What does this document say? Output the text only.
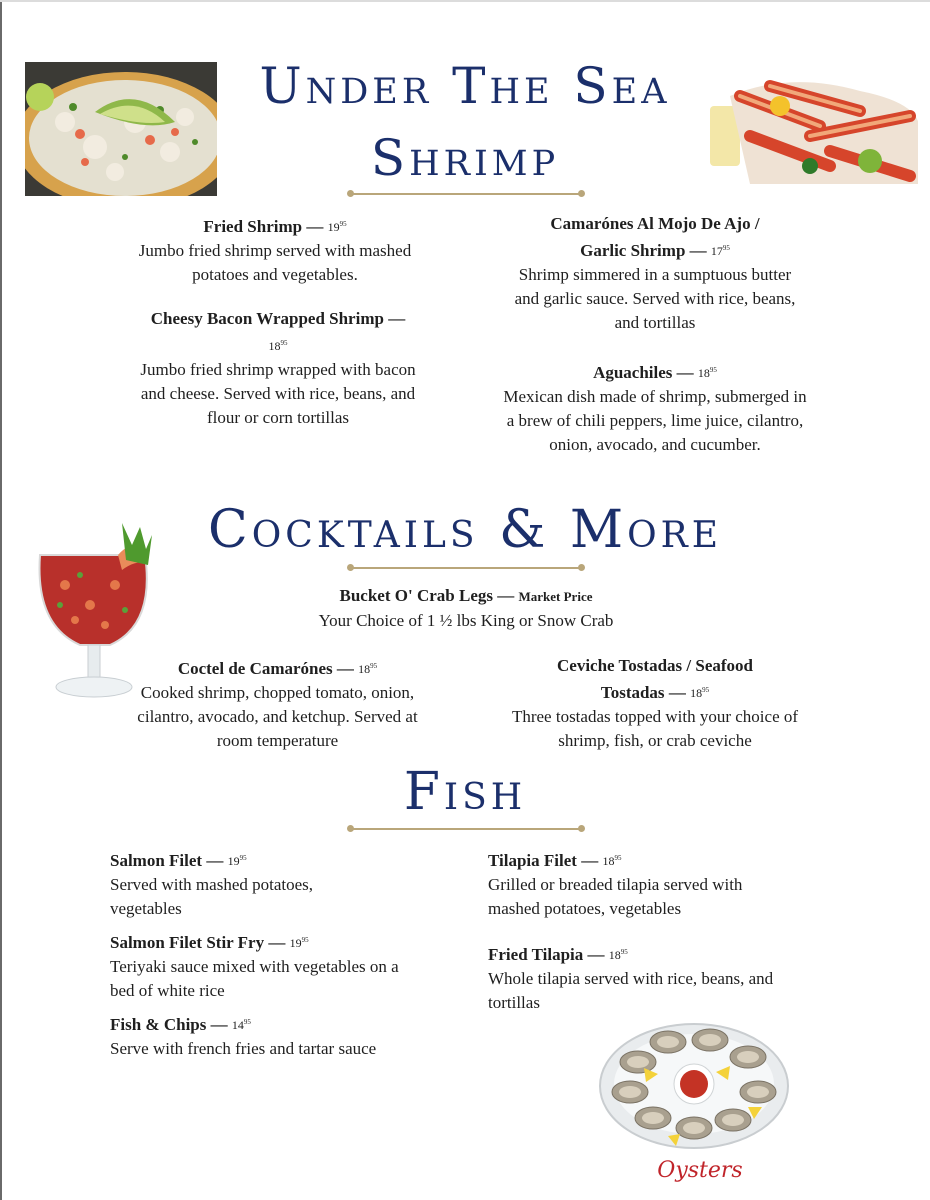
Under The Sea
Shrimp
Fried Shrimp — $19^{95}$
Jumbo fried shrimp served with mashed potatoes and vegetables.
Cheesy Bacon Wrapped Shrimp —
$18^{95}$
Jumbo fried shrimp wrapped with bacon and cheese. Served with rice, beans, and flour or corn tortillas
Camarónes Al Mojo De Ajo /
Garlic Shrimp — $17^{95}$
Shrimp simmered in a sumptuous butter and garlic sauce. Served with rice, beans, and tortillas
Aguachiles — $18^{95}$
Mexican dish made of shrimp, submerged in a brew of chili peppers, lime juice, cilantro, onion, avocado, and cucumber.
Cocktails & More
Bucket O' Crab Legs — Market Price
Your Choice of 1 ½ lbs King or Snow Crab
Coctel de Camarónes — $18^{95}$
Cooked shrimp, chopped tomato, onion, cilantro, avocado, and ketchup. Served at room temperature
Ceviche Tostadas / Seafood
Tostadas — $18^{95}$
Three tostadas topped with your choice of shrimp, fish, or crab ceviche
Fish
Salmon Filet — $19^{95}$
Served with mashed potatoes, vegetables
Salmon Filet Stir Fry — $19^{95}$
Teriyaki sauce mixed with vegetables on a bed of white rice
Fish & Chips — $14^{95}$
Serve with french fries and tartar sauce
Tilapia Filet — $18^{95}$
Grilled or breaded tilapia served with mashed potatoes, vegetables
Fried Tilapia — $18^{95}$
Whole tilapia served with rice, beans, and tortillas
Oysters
